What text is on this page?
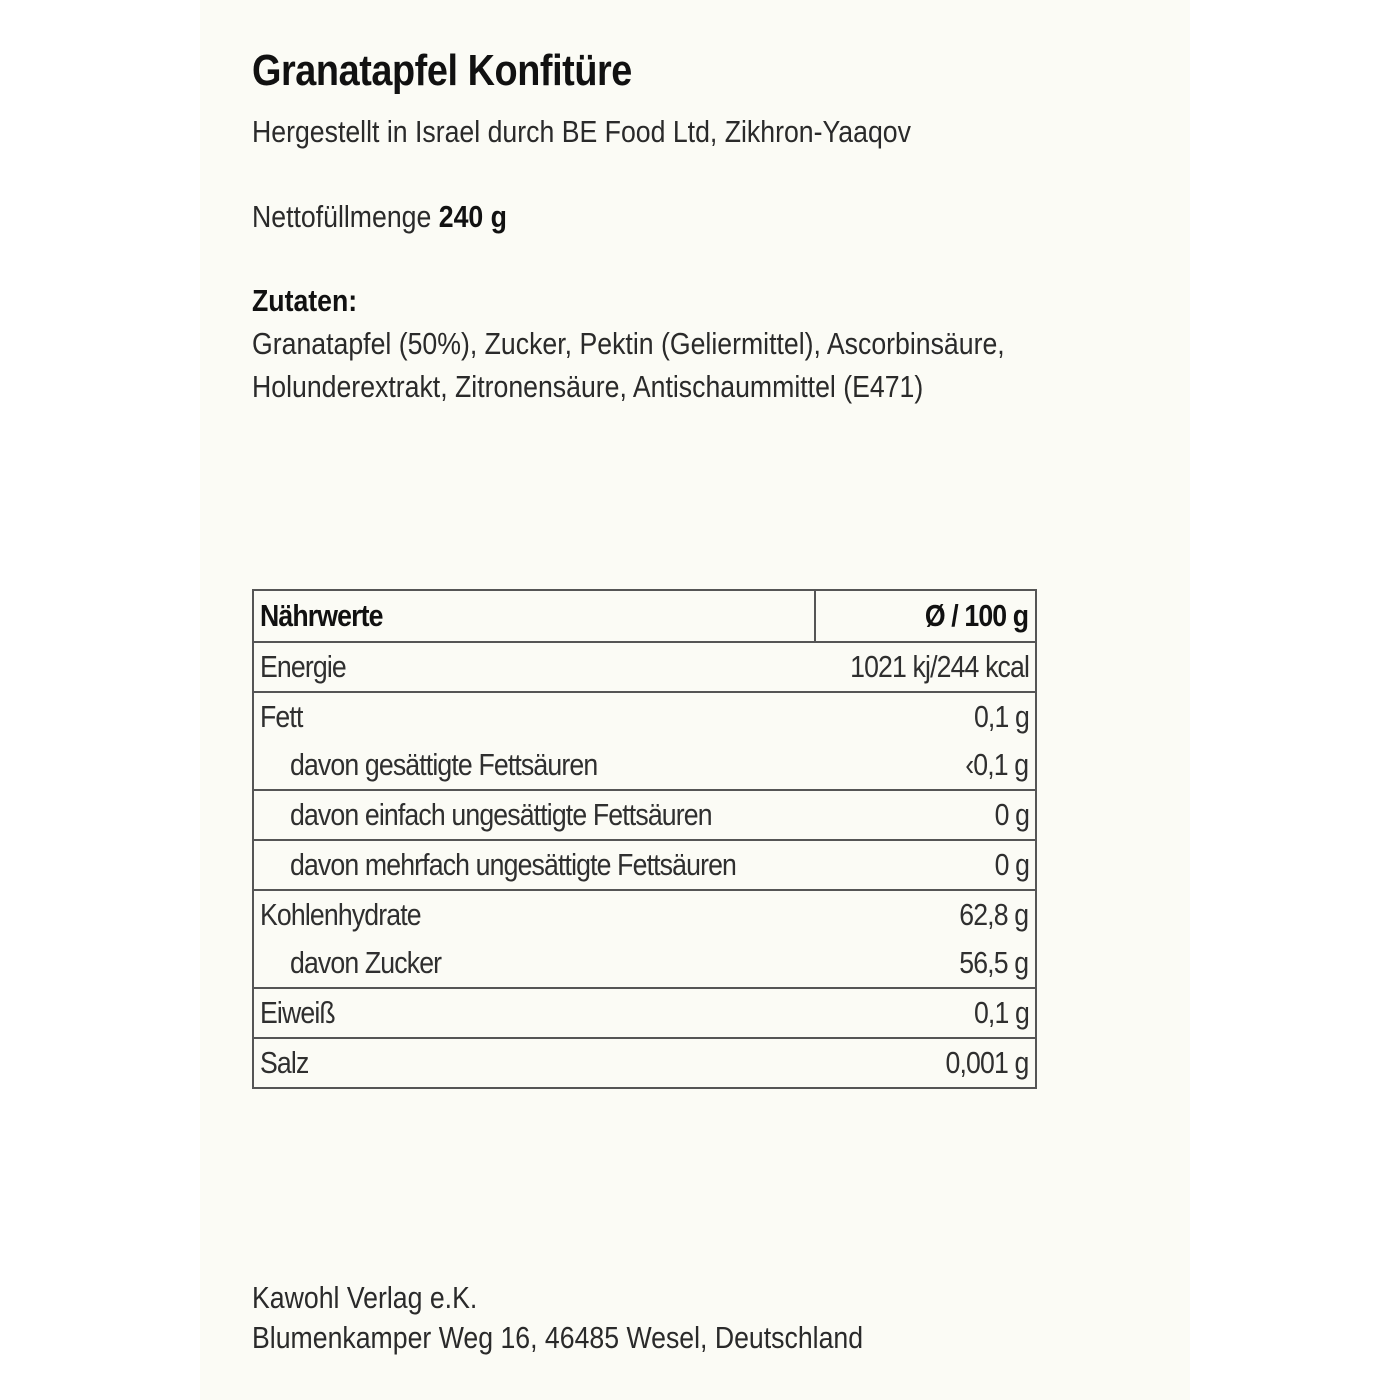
Granatapfel Konfitüre
Hergestellt in Israel durch BE Food Ltd, Zikhron-Yaaqov
Nettofüllmenge 240 g
Zutaten:
Granatapfel (50%), Zucker, Pektin (Geliermittel), Ascorbinsäure,
Holunderextrakt, Zitronensäure, Antischaummittel (E471)
Kawohl Verlag e.K.
Blumenkamper Weg 16, 46485 Wesel, Deutschland
Nährwerte	Ø / 100 g
Energie	1021 kj/244 kcal
Fett	0,1 g
davon gesättigte Fettsäuren	‹0,1 g
davon einfach ungesättigte Fettsäuren	0 g
davon mehrfach ungesättigte Fettsäuren	0 g
Kohlenhydrate	62,8 g
davon Zucker	56,5 g
Eiweiß	0,1 g
Salz	0,001 g
